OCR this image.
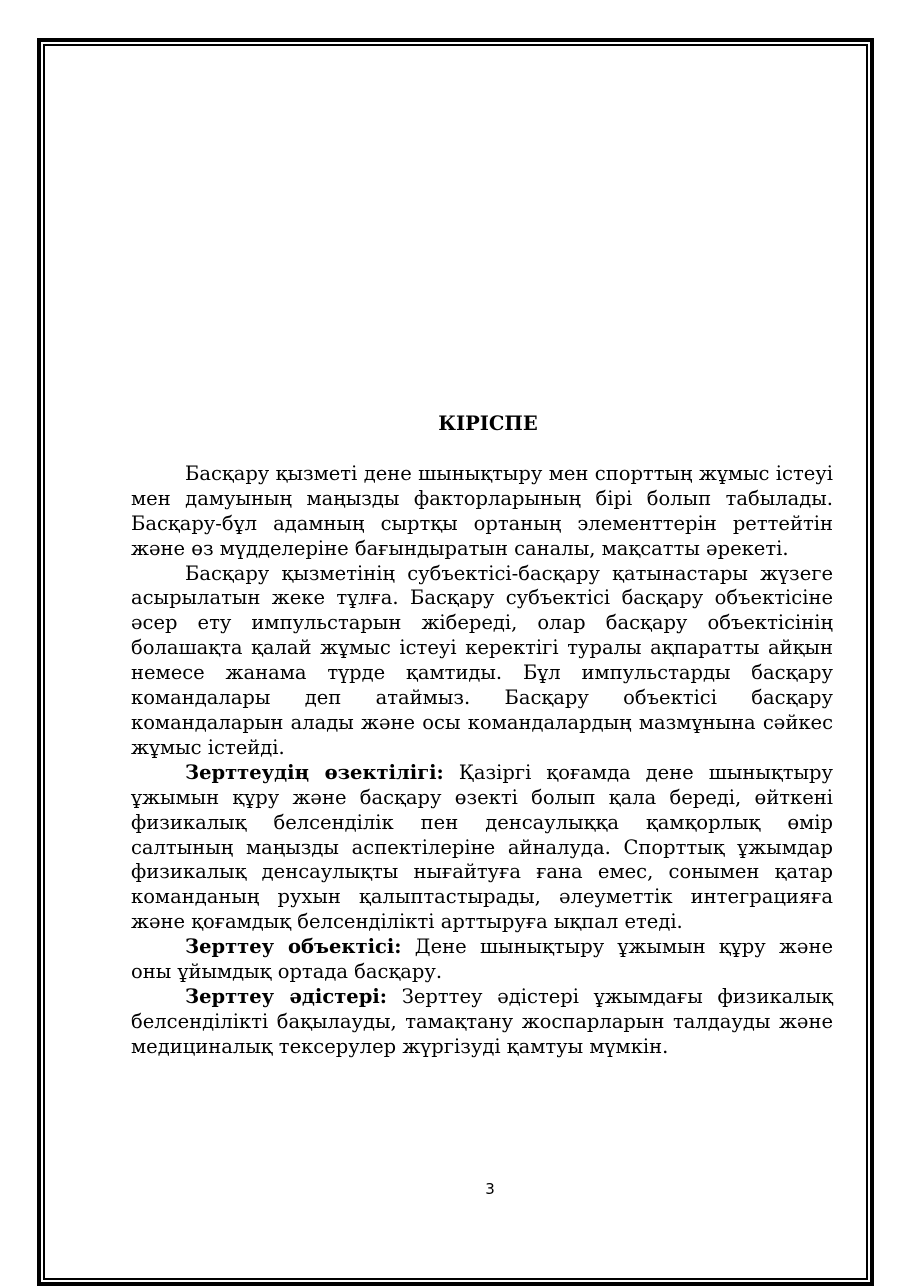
КІРІСПЕ

Басқару қызметі дене шынықтыру мен спорттың жұмыс істеуі мен дамуының маңызды факторларының бірі болып табылады. Басқару-бұл адамның сыртқы ортаның элементтерін реттейтін және өз мүдделеріне бағындыратын саналы, мақсатты әрекеті.

Басқару қызметінің субъектісі-басқару қатынастары жүзеге асырылатын жеке тұлға. Басқару субъектісі басқару объектісіне әсер ету импульстарын жібереді, олар басқару объектісінің болашақта қалай жұмыс істеуі керектігі туралы ақпаратты айқын немесе жанама түрде қамтиды. Бұл импульстарды басқару командалары деп атаймыз. Басқару объектісі басқару командаларын алады және осы командалардың мазмұнына сәйкес жұмыс істейді.

Зерттеудің өзектілігі: Қазіргі қоғамда дене шынықтыру ұжымын құру және басқару өзекті болып қала береді, өйткені физикалық белсенділік пен денсаулыққа қамқорлық өмір салтының маңызды аспектілеріне айналуда. Спорттық ұжымдар физикалық денсаулықты нығайтуға ғана емес, сонымен қатар команданың рухын қалыптастырады, әлеуметтік интеграцияға және қоғамдық белсенділікті арттыруға ықпал етеді.

Зерттеу объектісі: Дене шынықтыру ұжымын құру және оны ұйымдық ортада басқару.

Зерттеу әдістері: Зерттеу әдістері ұжымдағы физикалық белсенділікті бақылауды, тамақтану жоспарларын талдауды және медициналық тексерулер жүргізуді қамтуы мүмкін.

3
